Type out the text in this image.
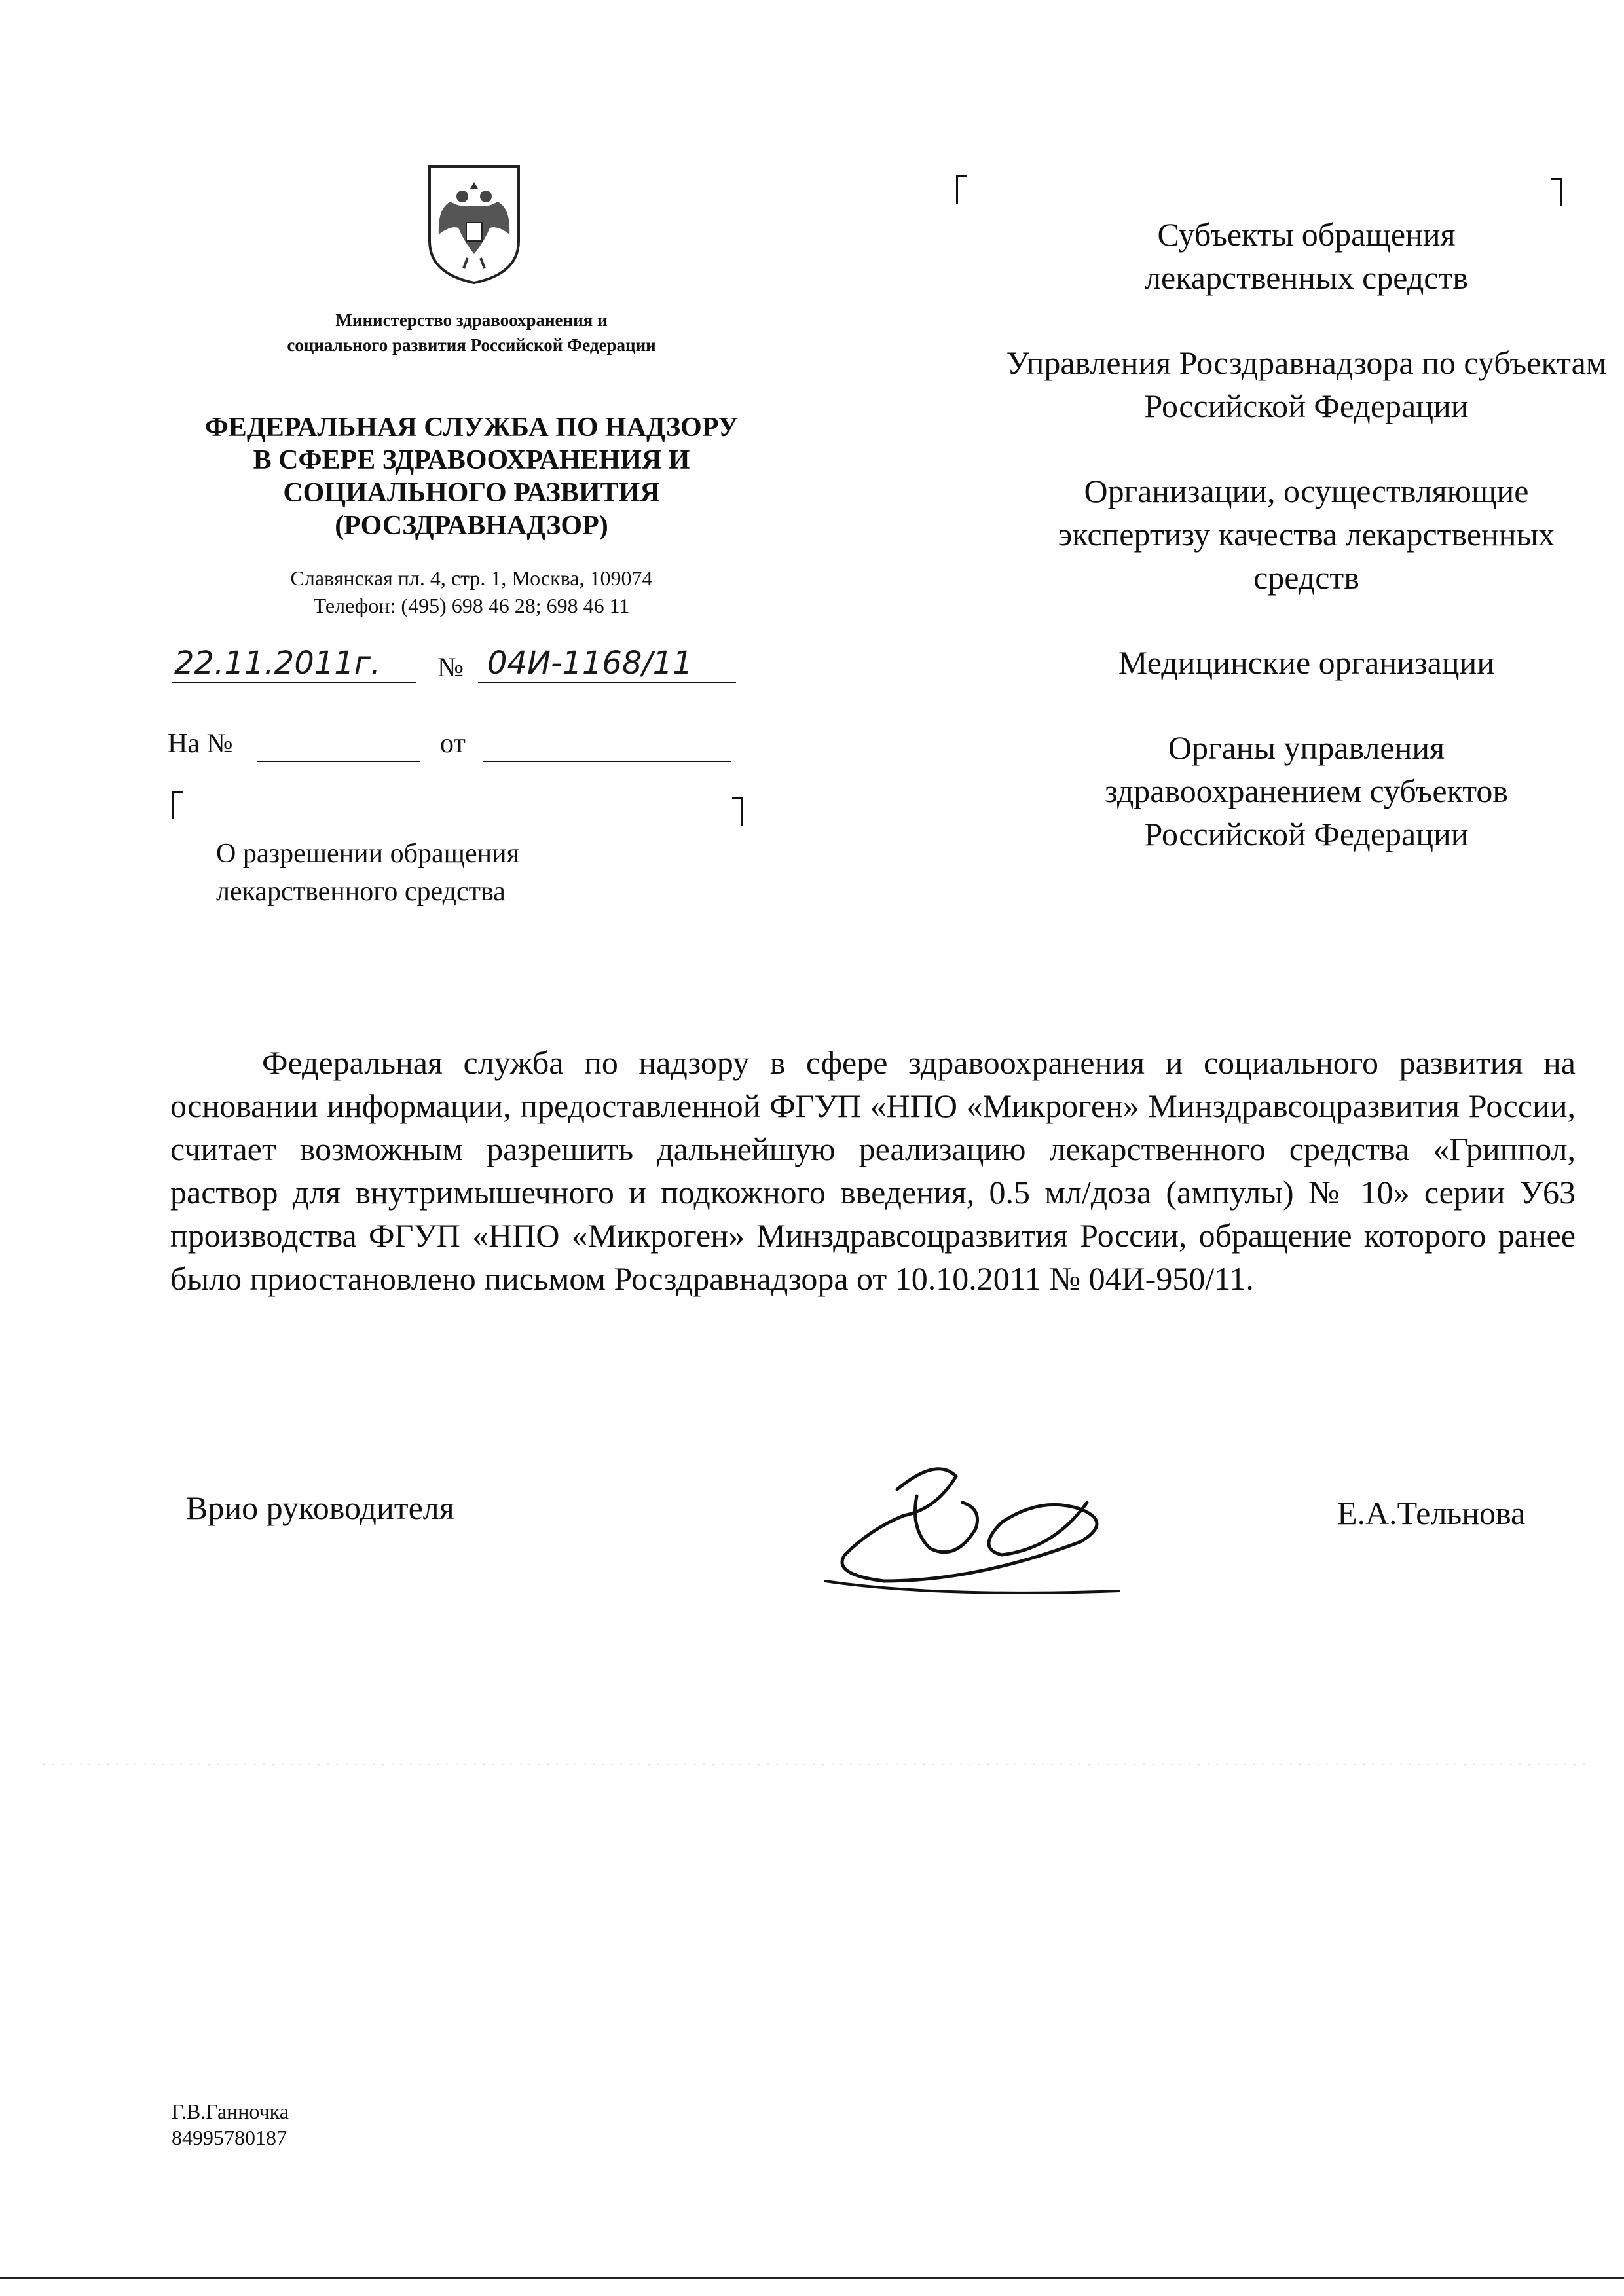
Министерство здравоохранения и
социального развития Российской Федерации
ФЕДЕРАЛЬНАЯ СЛУЖБА ПО НАДЗОРУ
В СФЕРЕ ЗДРАВООХРАНЕНИЯ И
СОЦИАЛЬНОГО РАЗВИТИЯ
(РОСЗДРАВНАДЗОР)
Славянская пл. 4, стр. 1, Москва, 109074
Телефон: (495) 698 46 28; 698 46 11
22.11.2011г.	№ 04И-1168/11
На №	от
О разрешении обращения
лекарственного средства
Субъекты обращения лекарственных средств
Управления Росздравнадзора по субъектам Российской Федерации
Организации, осуществляющие экспертизу качества лекарственных средств
Медицинские организации
Органы управления здравоохранением субъектов Российской Федерации
Федеральная служба по надзору в сфере здравоохранения и социального развития на основании информации, предоставленной ФГУП «НПО «Микроген» Минздравсоцразвития России, считает возможным разрешить дальнейшую реализацию лекарственного средства «Гриппол, раствор для внутримышечного и подкожного введения, 0.5 мл/доза (ампулы) № 10» серии У63 производства ФГУП «НПО «Микроген» Минздравсоцразвития России, обращение которого ранее было приостановлено письмом Росздравнадзора от 10.10.2011 № 04И-950/11.
Врио руководителя	Е.А.Тельнова
Г.В.Ганночка
84995780187
